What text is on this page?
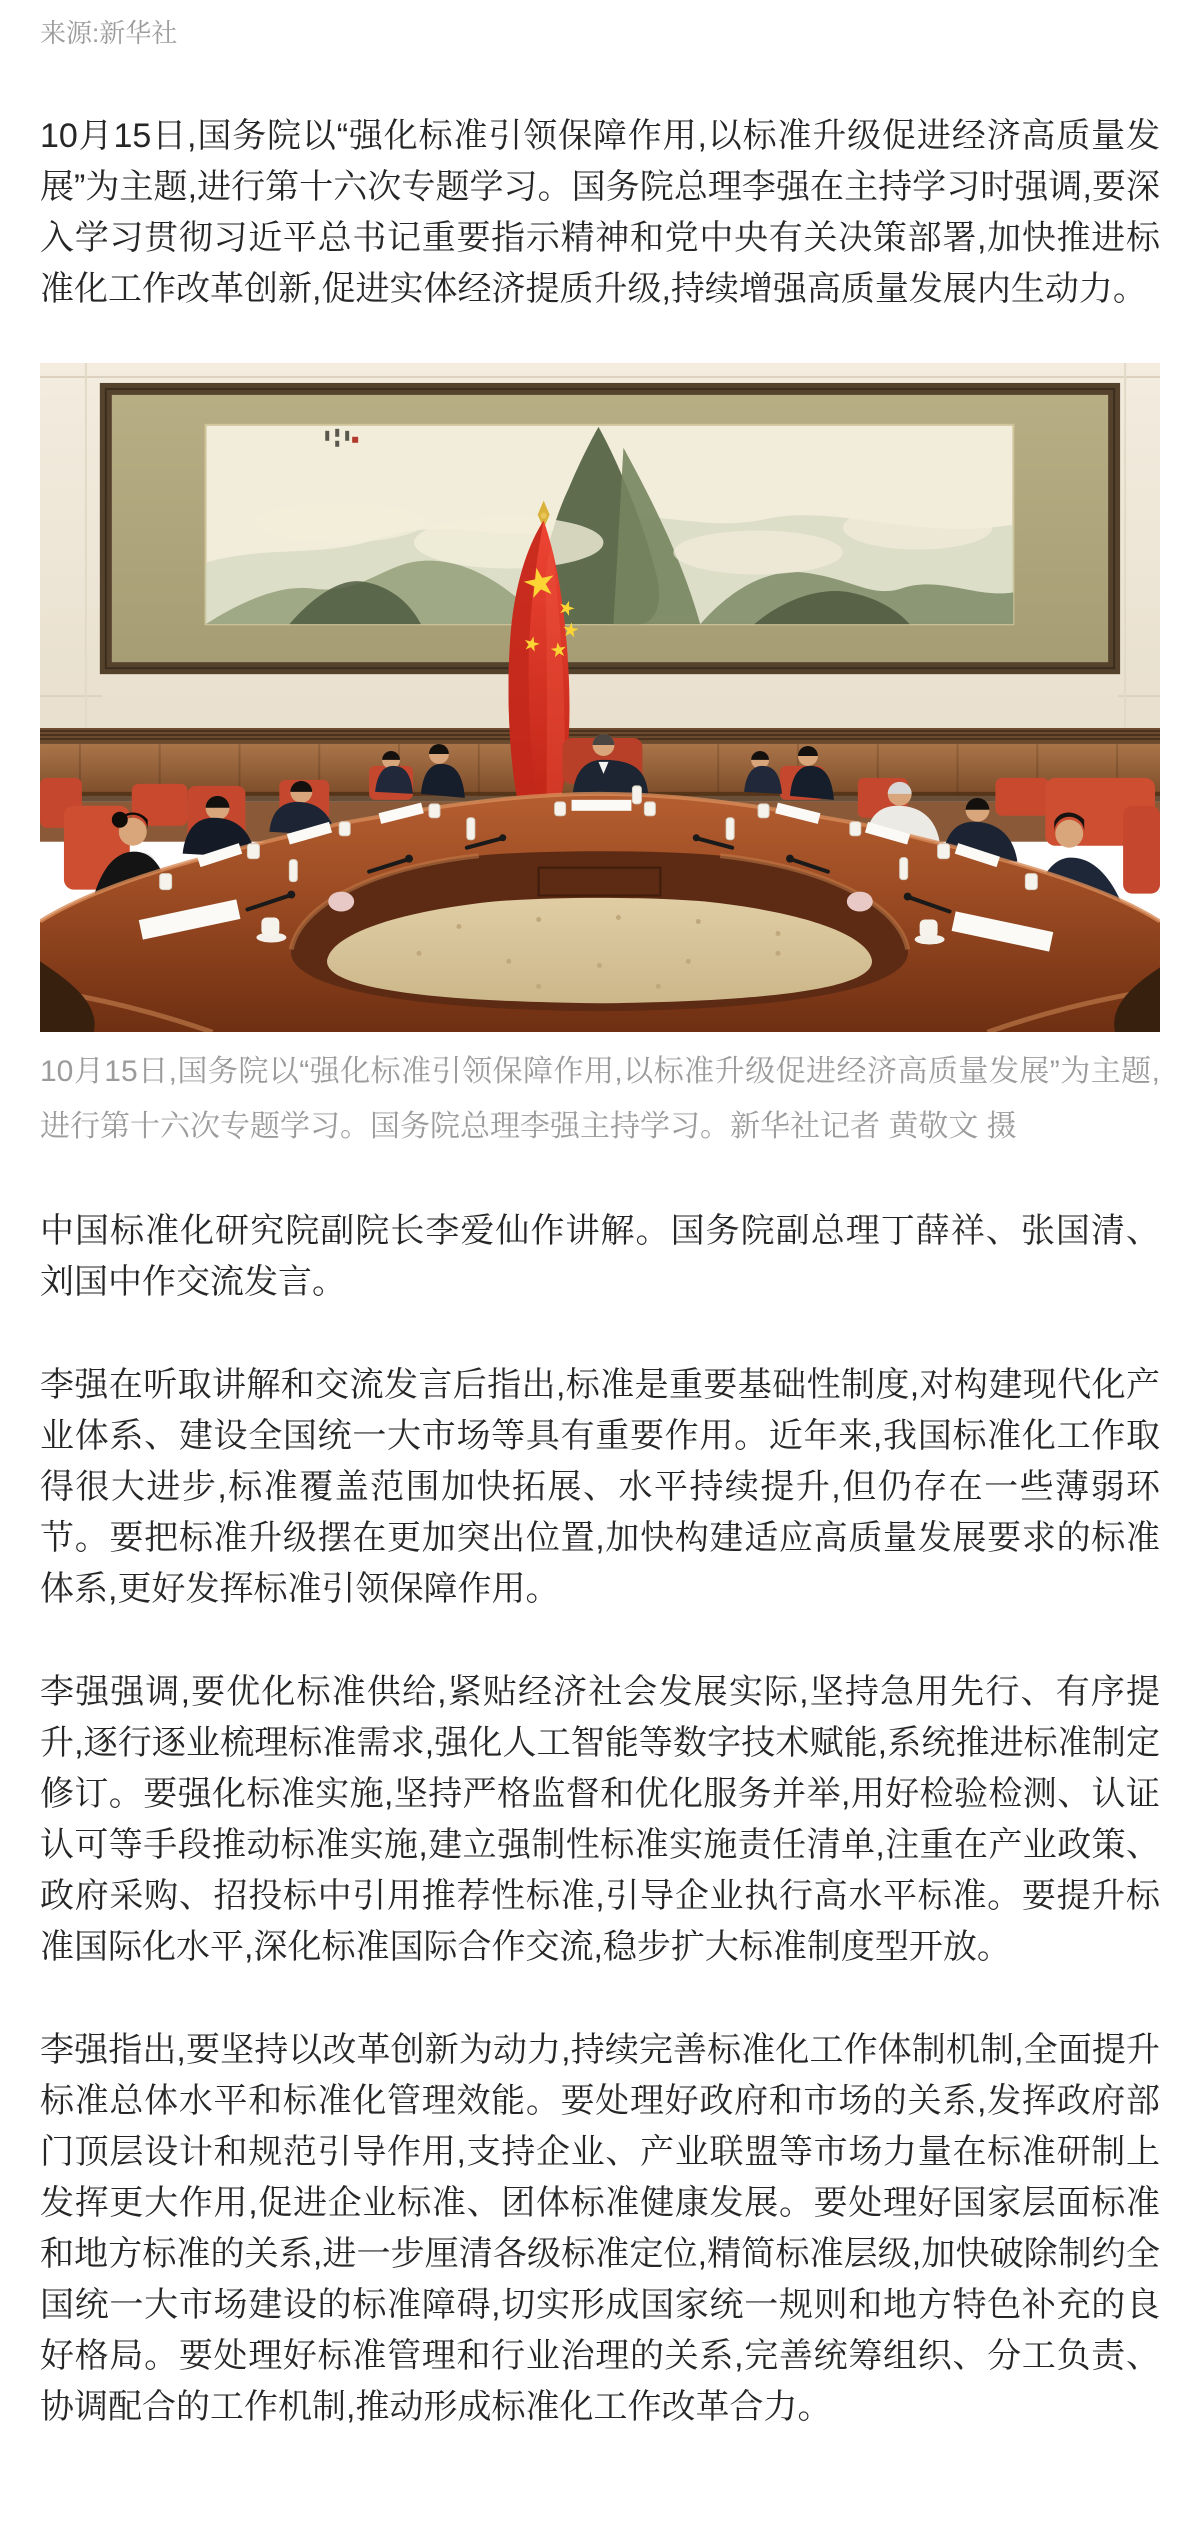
来源:新华社

10月15日,国务院以“强化标准引领保障作用,以标准升级促进经济高质量发展”为主题,进行第十六次专题学习。国务院总理李强在主持学习时强调,要深入学习贯彻习近平总书记重要指示精神和党中央有关决策部署,加快推进标准化工作改革创新,促进实体经济提质升级,持续增强高质量发展内生动力。

10月15日,国务院以“强化标准引领保障作用,以标准升级促进经济高质量发展”为主题,进行第十六次专题学习。国务院总理李强主持学习。新华社记者 黄敬文 摄

中国标准化研究院副院长李爱仙作讲解。国务院副总理丁薛祥、张国清、刘国中作交流发言。

李强在听取讲解和交流发言后指出,标准是重要基础性制度,对构建现代化产业体系、建设全国统一大市场等具有重要作用。近年来,我国标准化工作取得很大进步,标准覆盖范围加快拓展、水平持续提升,但仍存在一些薄弱环节。要把标准升级摆在更加突出位置,加快构建适应高质量发展要求的标准体系,更好发挥标准引领保障作用。

李强强调,要优化标准供给,紧贴经济社会发展实际,坚持急用先行、有序提升,逐行逐业梳理标准需求,强化人工智能等数字技术赋能,系统推进标准制定修订。要强化标准实施,坚持严格监督和优化服务并举,用好检验检测、认证认可等手段推动标准实施,建立强制性标准实施责任清单,注重在产业政策、政府采购、招投标中引用推荐性标准,引导企业执行高水平标准。要提升标准国际化水平,深化标准国际合作交流,稳步扩大标准制度型开放。

李强指出,要坚持以改革创新为动力,持续完善标准化工作体制机制,全面提升标准总体水平和标准化管理效能。要处理好政府和市场的关系,发挥政府部门顶层设计和规范引导作用,支持企业、产业联盟等市场力量在标准研制上发挥更大作用,促进企业标准、团体标准健康发展。要处理好国家层面标准和地方标准的关系,进一步厘清各级标准定位,精简标准层级,加快破除制约全国统一大市场建设的标准障碍,切实形成国家统一规则和地方特色补充的良好格局。要处理好标准管理和行业治理的关系,完善统筹组织、分工负责、协调配合的工作机制,推动形成标准化工作改革合力。
